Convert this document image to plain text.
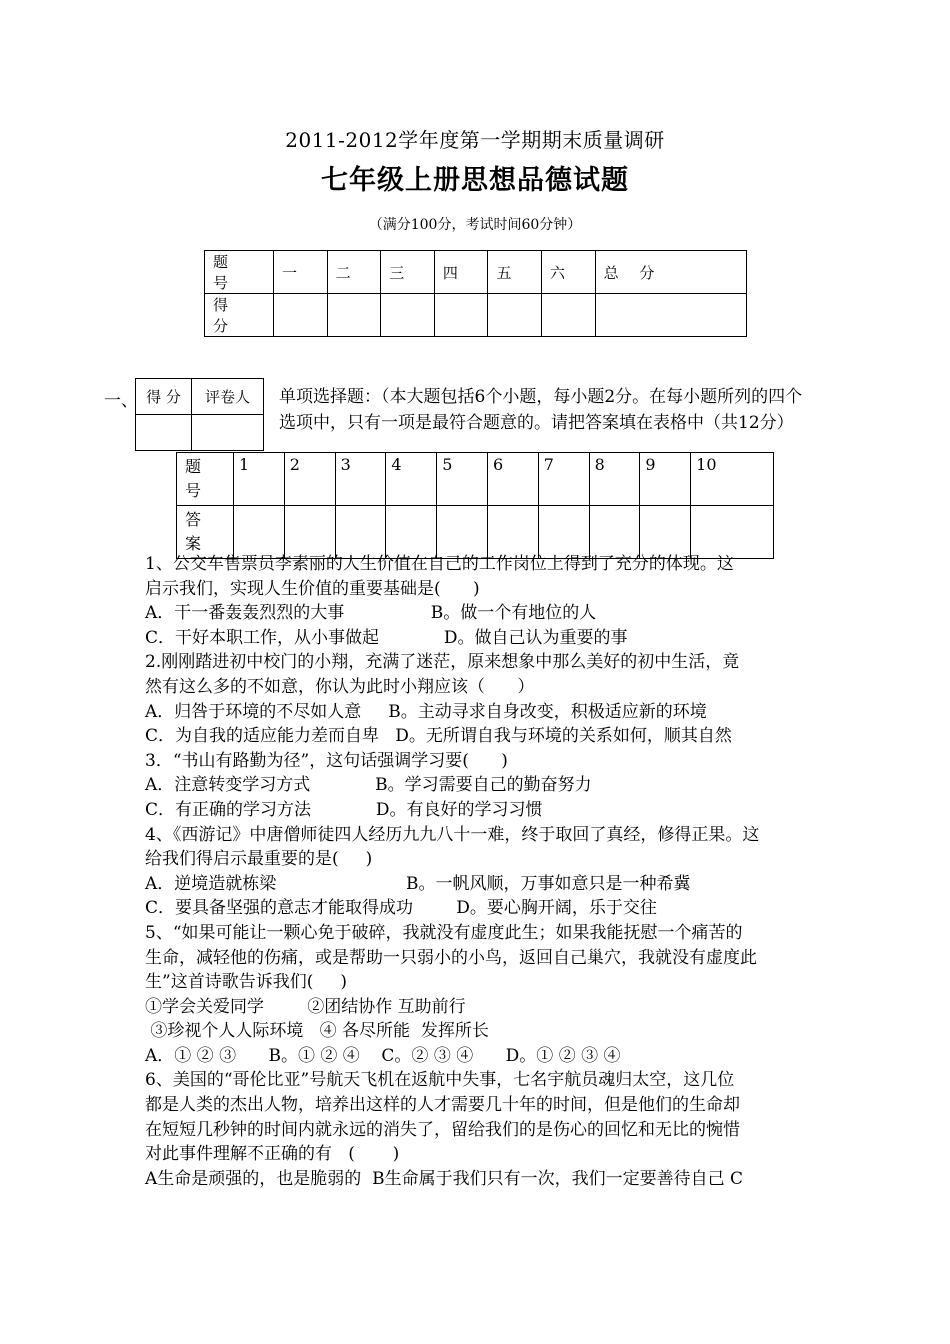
2011-2012学年度第一学期期末质量调研
七年级上册思想品德试题
（满分100分，考试时间60分钟）
题 号	一	二	三	四	五	六	总 分
得 分							
一、 得 分	评卷人
	单项选择题：（本大题包括6个小题，每小题2分。在每小题所列的四个
选项中，只有一项是最符合题意的。请把答案填在表格中（共12分）
题
号	1	2	3	4	5	6	7	8	9	10
答
案										
1、公交车售票员李素丽的人生价值在自己的工作岗位上得到了充分的体现。这
启示我们，实现人生价值的重要基础是(      )
A．干一番轰轰烈烈的大事                B。做一个有地位的人
C．干好本职工作，从小事做起            D。做自己认为重要的事
2.刚刚踏进初中校门的小翔，充满了迷茫，原来想象中那么美好的初中生活，竟
然有这么多的不如意，你认为此时小翔应该（      ）
A．归咎于环境的不尽如人意     B。主动寻求自身改变，积极适应新的环境
C．为自我的适应能力差而自卑   D。无所谓自我与环境的关系如何，顺其自然
3．“书山有路勤为径”，这句话强调学习要(      )
A．注意转变学习方式            B。学习需要自己的勤奋努力
C．有正确的学习方法            D。有良好的学习习惯
4、《西游记》中唐僧师徒四人经历九九八十一难，终于取回了真经，修得正果。这
给我们得启示最重要的是(     )
A．逆境造就栋梁                        B。一帆风顺，万事如意只是一种希冀
C．要具备坚强的意志才能取得成功        D。要心胸开阔，乐于交往
5、“如果可能让一颗心免于破碎，我就没有虚度此生；如果我能抚慰一个痛苦的
生命，减轻他的伤痛，或是帮助一只弱小的小鸟，返回自己巢穴，我就没有虚度此
生”这首诗歌告诉我们(     )
①学会关爱同学        ②团结协作 互助前行
③珍视个人人际环境   ④ 各尽所能  发挥所长
A．① ② ③      B。① ② ④    C。② ③ ④      D。① ② ③ ④
6、美国的“哥伦比亚”号航天飞机在返航中失事，七名宇航员魂归太空，这几位
都是人类的杰出人物，培养出这样的人才需要几十年的时间，但是他们的生命却
在短短几秒钟的时间内就永远的消失了，留给我们的是伤心的回忆和无比的惋惜
对此事件理解不正确的有   (       )
A生命是顽强的，也是脆弱的  B生命属于我们只有一次，我们一定要善待自己 C
